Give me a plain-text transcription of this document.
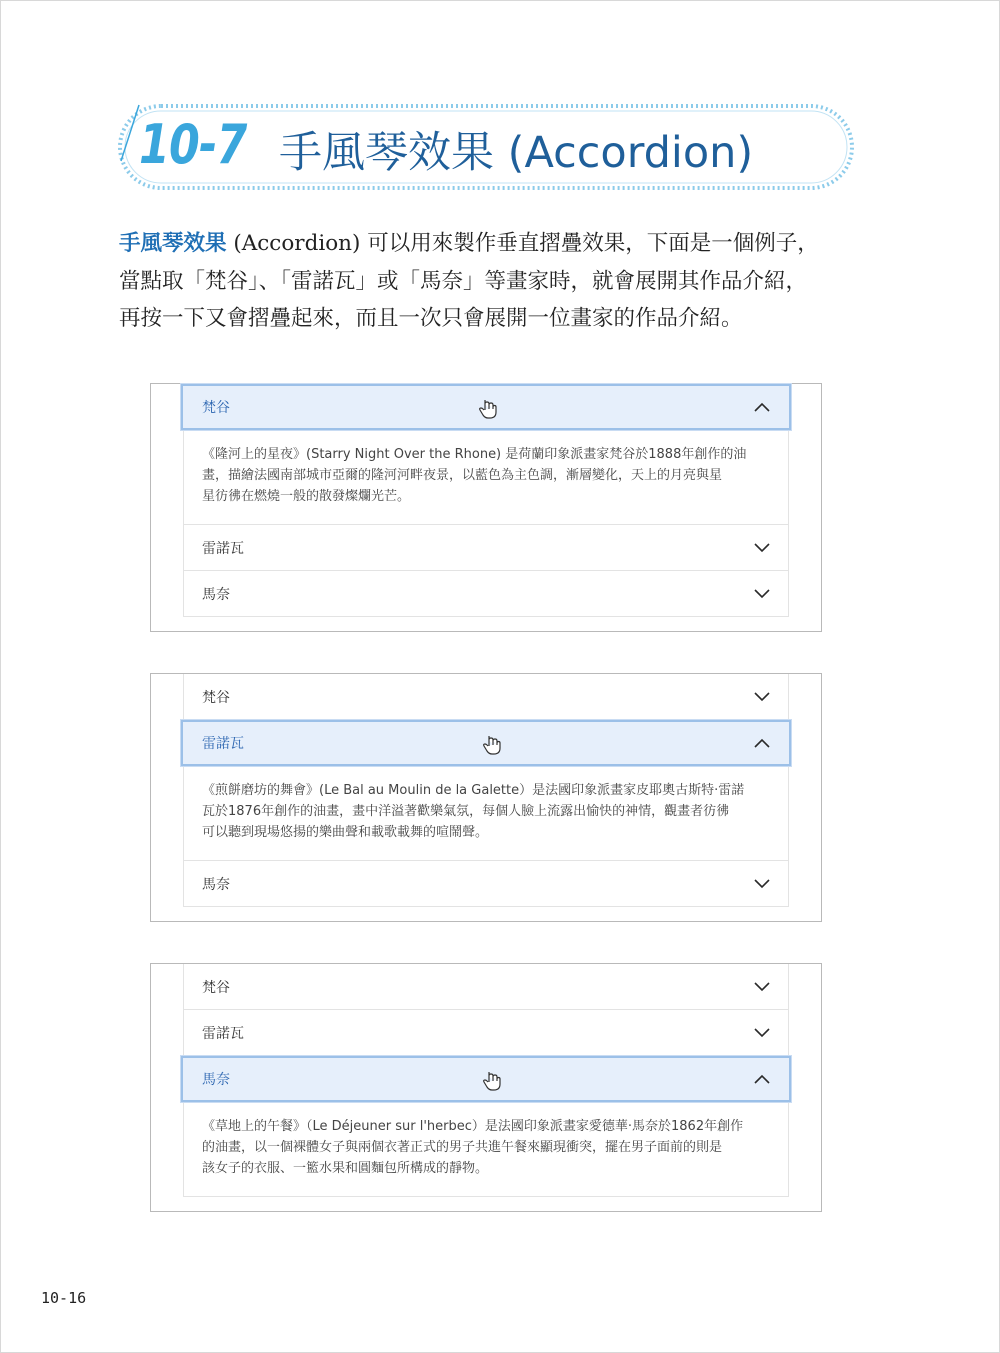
10-7 手風琴效果 (Accordion)

手風琴效果 (Accordion) 可以用來製作垂直摺疊效果，下面是一個例子，

當點取「梵谷」、「雷諾瓦」或「馬奈」等畫家時，就會展開其作品介紹，

再按一下又會摺疊起來，而且一次只會展開一位畫家的作品介紹。

梵谷

《隆河上的星夜》(Starry Night Over the Rhone) 是荷蘭印象派畫家梵谷於1888年創作的油

畫，描繪法國南部城市亞爾的隆河河畔夜景，以藍色為主色調，漸層變化，天上的月亮與星

星彷彿在燃燒一般的散發燦爛光芒。

雷諾瓦
馬奈
梵谷
雷諾瓦

《煎餅磨坊的舞會》(Le Bal au Moulin de la Galette）是法國印象派畫家皮耶奧古斯特·雷諾

瓦於1876年創作的油畫，畫中洋溢著歡樂氣氛，每個人臉上流露出愉快的神情，觀畫者彷彿

可以聽到現場悠揚的樂曲聲和載歌載舞的喧鬧聲。

馬奈
梵谷
雷諾瓦
馬奈

《草地上的午餐》（Le Déjeuner sur l'herbec）是法國印象派畫家愛德華·馬奈於1862年創作

的油畫，以一個裸體女子與兩個衣著正式的男子共進午餐來顯現衝突，擺在男子面前的則是

該女子的衣服、一籃水果和圓麵包所構成的靜物。

10-16
